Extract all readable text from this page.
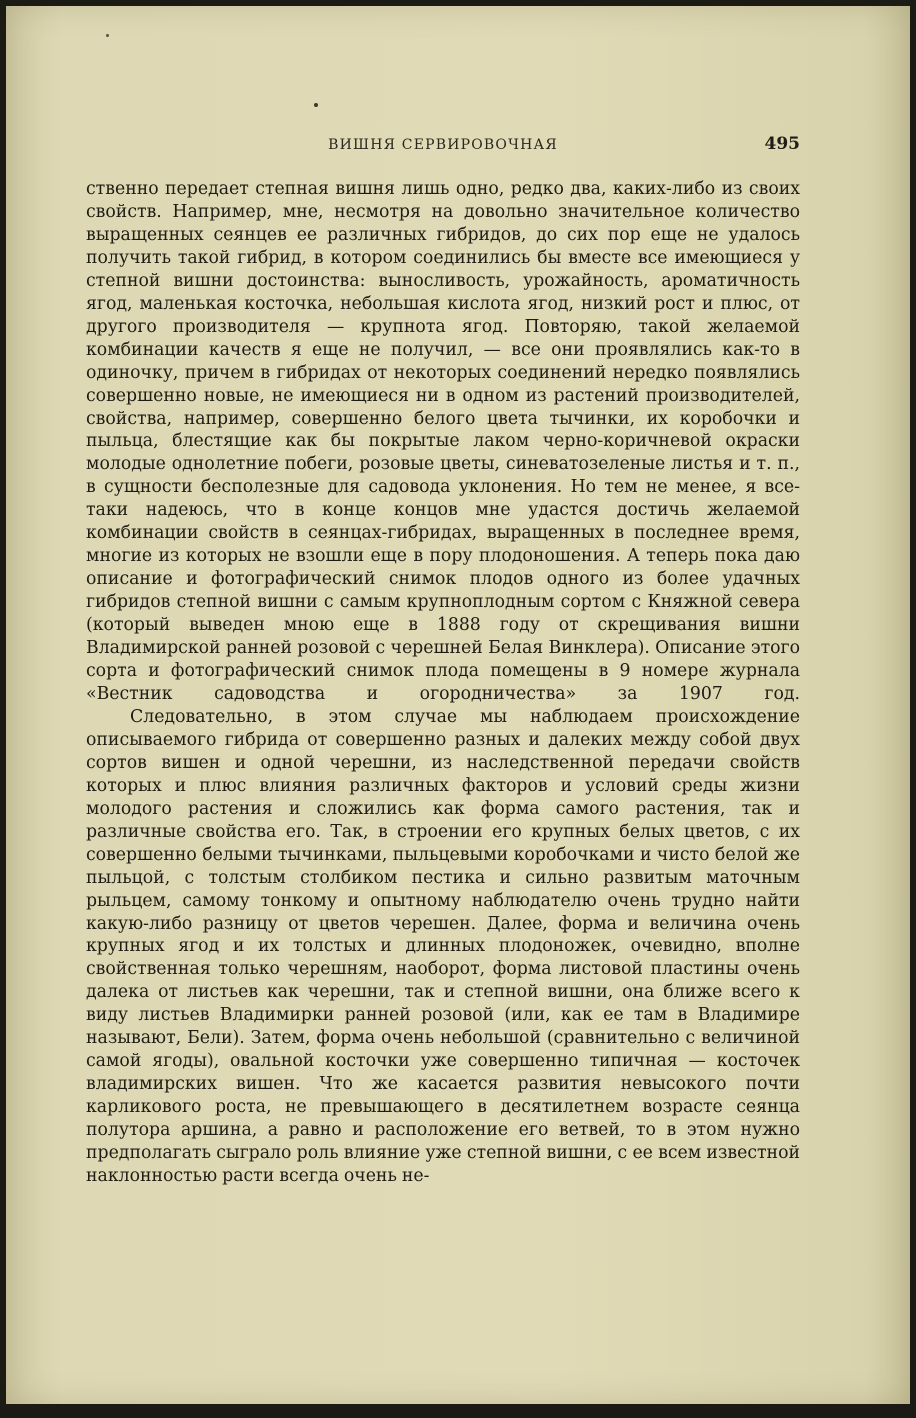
ВИШНЯ СЕРВИРОВОЧНАЯ	495

ственно передает степная вишня лишь одно, редко два, каких-либо из своих свойств. Например, мне, несмотря на довольно значительное количество выращенных сеянцев ее различных гибридов, до сих пор еще не удалось получить такой гибрид, в котором соединились бы вместе все имеющиеся у степной вишни достоинства: выносливость, урожайность, ароматичность ягод, маленькая косточка, небольшая кислота ягод, низкий рост и плюс, от другого производителя — крупнота ягод. Повторяю, такой желаемой комбинации качеств я еще не получил, — все они проявлялись как-то в одиночку, причем в гибридах от некоторых соединений нередко появлялись совершенно новые, не имеющиеся ни в одном из растений производителей, свойства, например, совершенно белого цвета тычинки, их коробочки и пыльца, блестящие как бы покрытые лаком черно-коричневой окраски молодые однолетние побеги, розовые цветы, синеватозеленые листья и т. п., в сущности бесполезные для садовода уклонения. Но тем не менее, я все-таки надеюсь, что в конце концов мне удастся достичь желаемой комбинации свойств в сеянцах-гибридах, выращенных в последнее время, многие из которых не взошли еще в пору плодоношения. А теперь пока даю описание и фотографический снимок плодов одного из более удачных гибридов степной вишни с самым крупноплодным сортом с Княжной севера (который выведен мною еще в 1888 году от скрещивания вишни Владимирской ранней розовой с черешней Белая Винклера). Описание этого сорта и фотографический снимок плода помещены в 9 номере журнала «Вестник садоводства и огородничества» за 1907 год.

Следовательно, в этом случае мы наблюдаем происхождение описываемого гибрида от совершенно разных и далеких между собой двух сортов вишен и одной черешни, из наследственной передачи свойств которых и плюс влияния различных факторов и условий среды жизни молодого растения и сложились как форма самого растения, так и различные свойства его. Так, в строении его крупных белых цветов, с их совершенно белыми тычинками, пыльцевыми коробочками и чисто белой же пыльцой, с толстым столбиком пестика и сильно развитым маточным рыльцем, самому тонкому и опытному наблюдателю очень трудно найти какую-либо разницу от цветов черешен. Далее, форма и величина очень крупных ягод и их толстых и длинных плодоножек, очевидно, вполне свойственная только черешням, наоборот, форма листовой пластины очень далека от листьев как черешни, так и степной вишни, она ближе всего к виду листьев Владимирки ранней розовой (или, как ее там в Владимире называют, Бели). Затем, форма очень небольшой (сравнительно с величиной самой ягоды), овальной косточки уже совершенно типичная — косточек владимирских вишен. Что же касается развития невысокого почти карликового роста, не превышающего в десятилетнем возрасте сеянца полутора аршина, а равно и расположение его ветвей, то в этом нужно предполагать сыграло роль влияние уже степной вишни, с ее всем известной наклонностью расти всегда очень не-
